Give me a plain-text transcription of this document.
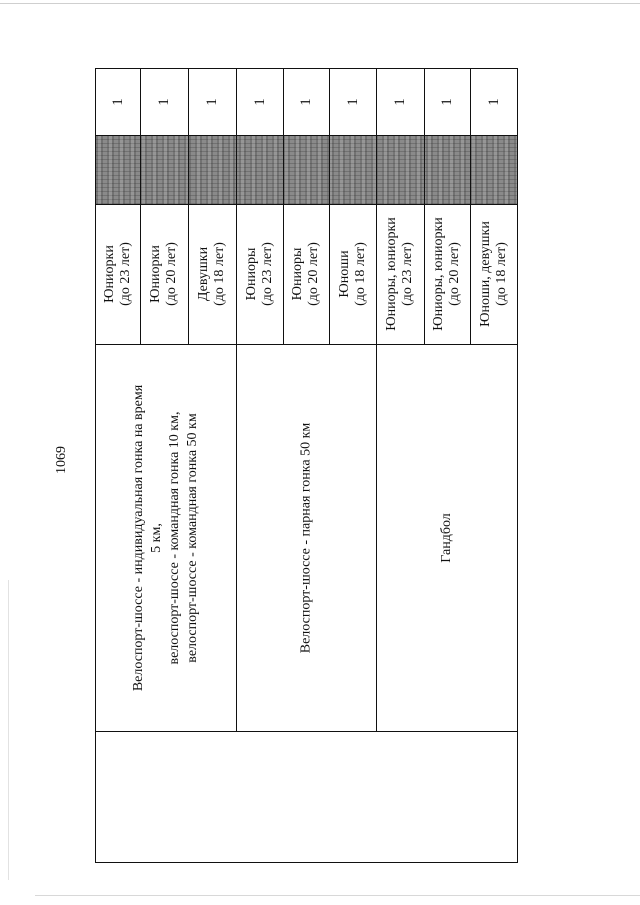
1069
1 1 1 1 1 1 1 1 1
Юниорки (до 23 лет) Юниорки (до 20 лет) Девушки (до 18 лет) Юниоры (до 23 лет) Юниоры (до 20 лет) Юноши (до 18 лет) Юниоры, юниорки (до 23 лет) Юниоры, юниорки (до 20 лет) Юноши, девушки (до 18 лет)
Велоспорт-шоссе - индивидуальная гонка на время 5 км, велоспорт-шоссе - командная гонка 10 км, велоспорт-шоссе - командная гонка 50 км	Велоспорт-шоссе - парная гонка 50 км	Гандбол
